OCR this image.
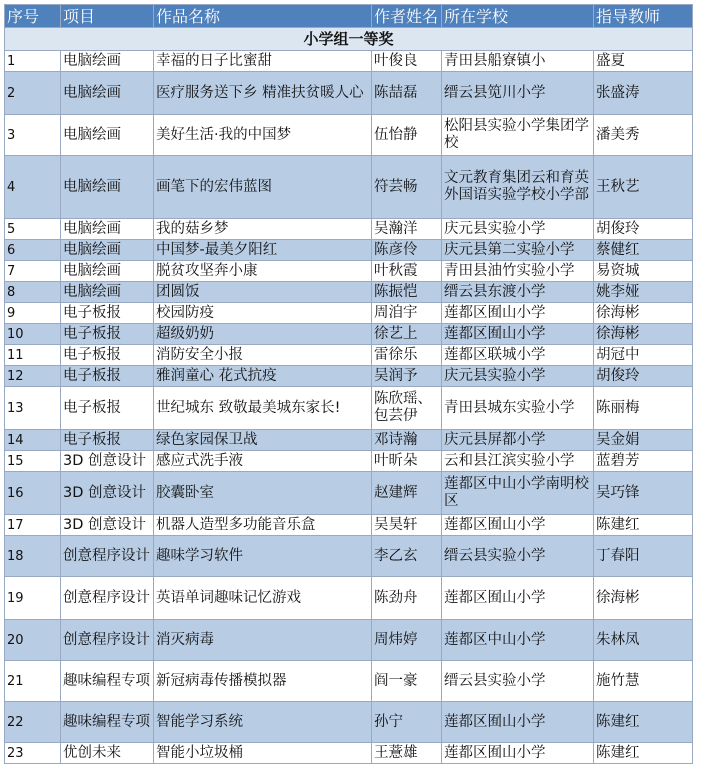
序号	项目	作品名称	作者姓名	所在学校	指导教师
小学组一等奖					
1	电脑绘画	幸福的日子比蜜甜	叶俊良	青田县船寮镇小	盛夏
2	电脑绘画	医疗服务送下乡 精准扶贫暖人心	陈喆磊	缙云县笕川小学	张盛涛
3	电脑绘画	美好生活·我的中国梦	伍怡静	松阳县实验小学集团学校	潘美秀
4	电脑绘画	画笔下的宏伟蓝图	符芸畅	文元教育集团云和育英外国语实验学校小学部	王秋艺
5	电脑绘画	我的菇乡梦	吴瀚洋	庆元县实验小学	胡俊玲
6	电脑绘画	中国梦-最美夕阳红	陈彦伶	庆元县第二实验小学	蔡健红
7	电脑绘画	脱贫攻坚奔小康	叶秋霞	青田县油竹实验小学	易资城
8	电脑绘画	团圆饭	陈振恺	缙云县东渡小学	姚李娅
9	电子板报	校园防疫	周洎宇	莲都区囿山小学	徐海彬
10	电子板报	超级奶奶	徐艺上	莲都区囿山小学	徐海彬
11	电子板报	消防安全小报	雷徐乐	莲都区联城小学	胡冠中
12	电子板报	雅润童心 花式抗疫	吴润予	庆元县实验小学	胡俊玲
13	电子板报	世纪城东 致敬最美城东家长!	陈欣瑶、包芸伊	青田县城东实验小学	陈丽梅
14	电子板报	绿色家园保卫战	邓诗瀚	庆元县屏都小学	吴金娟
15	3D 创意设计	感应式洗手液	叶昕朵	云和县江滨实验小学	蓝碧芳
16	3D 创意设计	胶囊卧室	赵建辉	莲都区中山小学南明校区	吴巧锋
17	3D 创意设计	机器人造型多功能音乐盒	吴昊轩	莲都区囿山小学	陈建红
18	创意程序设计	趣味学习软件	李乙玄	缙云县实验小学	丁春阳
19	创意程序设计	英语单词趣味记忆游戏	陈劲舟	莲都区囿山小学	徐海彬
20	创意程序设计	消灭病毒	周炜婷	莲都区中山小学	朱林凤
21	趣味编程专项	新冠病毒传播模拟器	阎一豪	缙云县实验小学	施竹慧
22	趣味编程专项	智能学习系统	孙宁	莲都区囿山小学	陈建红
23	优创未来	智能小垃圾桶	王薏雄	莲都区囿山小学	陈建红
